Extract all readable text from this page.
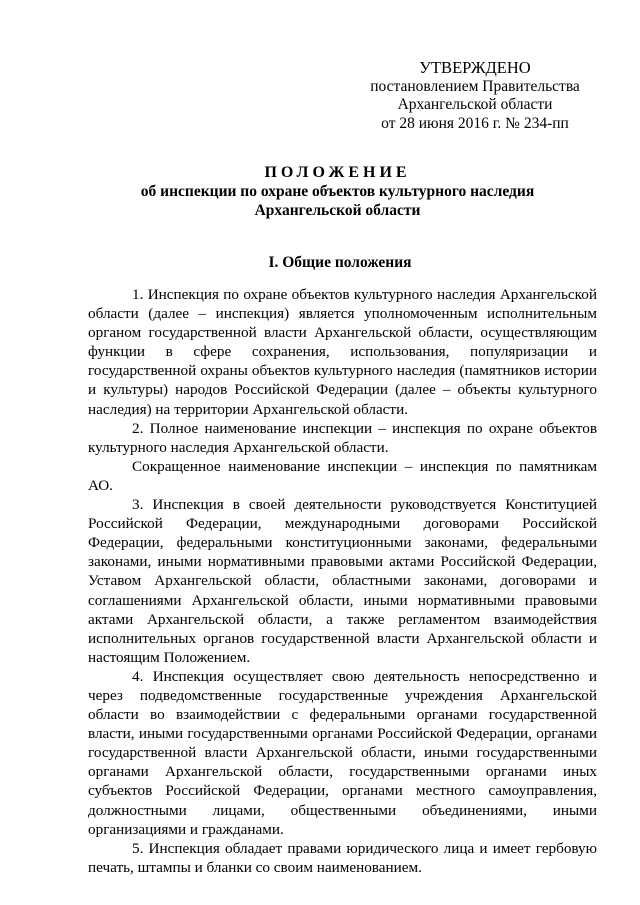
УТВЕРЖДЕНО
постановлением Правительства
Архангельской области
от 28 июня 2016 г. № 234-пп
ПОЛОЖЕНИЕ
об инспекции по охране объектов культурного наследия
Архангельской области
I. Общие положения

1. Инспекция по охране объектов культурного наследия Архангельской области (далее – инспекция) является уполномоченным исполнительным органом государственной власти Архангельской области, осуществляющим функции в сфере сохранения, использования, популяризации и государственной охраны объектов культурного наследия (памятников истории и культуры) народов Российской Федерации (далее – объекты культурного наследия) на территории Архангельской области.

2. Полное наименование инспекции – инспекция по охране объектов культурного наследия Архангельской области.

Сокращенное наименование инспекции – инспекция по памятникам АО.

3. Инспекция в своей деятельности руководствуется Конституцией Российской Федерации, международными договорами Российской Федерации, федеральными конституционными законами, федеральными законами, иными нормативными правовыми актами Российской Федерации, Уставом Архангельской области, областными законами, договорами и соглашениями Архангельской области, иными нормативными правовыми актами Архангельской области, а также регламентом взаимодействия исполнительных органов государственной власти Архангельской области и настоящим Положением.

4. Инспекция осуществляет свою деятельность непосредственно и через подведомственные государственные учреждения Архангельской области во взаимодействии с федеральными органами государственной власти, иными государственными органами Российской Федерации, органами государственной власти Архангельской области, иными государственными органами Архангельской области, государственными органами иных субъектов Российской Федерации, органами местного самоуправления, должностными лицами, общественными объединениями, иными организациями и гражданами.

5. Инспекция обладает правами юридического лица и имеет гербовую печать, штампы и бланки со своим наименованием.
